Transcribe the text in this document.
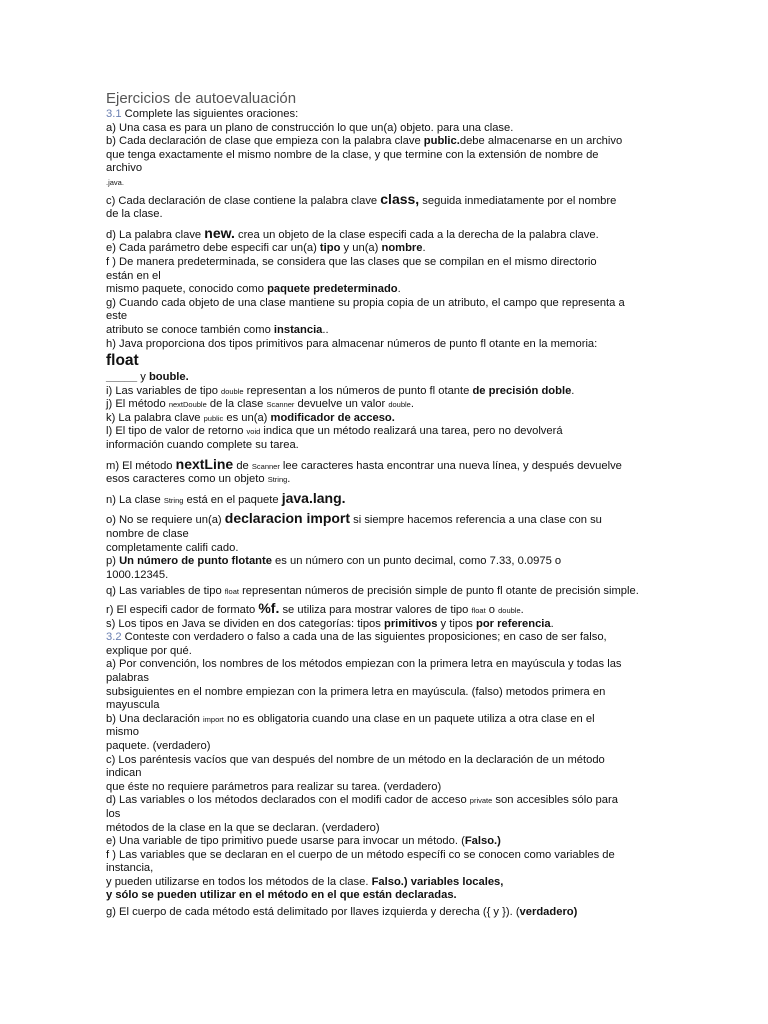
Ejercicios de autoevaluación
3.1 Complete las siguientes oraciones:
a) Una casa es para un plano de construcción lo que un(a) objeto. para una clase.
b) Cada declaración de clase que empieza con la palabra clave public.debe almacenarse en un archivo
que tenga exactamente el mismo nombre de la clase, y que termine con la extensión de nombre de
archivo
.java.
c) Cada declaración de clase contiene la palabra clave class, seguida inmediatamente por el nombre
de la clase.
d) La palabra clave new. crea un objeto de la clase especifi cada a la derecha de la palabra clave.
e) Cada parámetro debe especifi car un(a) tipo y un(a) nombre.
f ) De manera predeterminada, se considera que las clases que se compilan en el mismo directorio
están en el
mismo paquete, conocido como paquete predeterminado.
g) Cuando cada objeto de una clase mantiene su propia copia de un atributo, el campo que representa a
este
atributo se conoce también como instancia..
h) Java proporciona dos tipos primitivos para almacenar números de punto fl otante en la memoria:
float
_____ y bouble.
i) Las variables de tipo double representan a los números de punto fl otante de precisión doble.
j) El método nextDouble de la clase Scanner devuelve un valor double.
k) La palabra clave public es un(a) modificador de acceso.
l) El tipo de valor de retorno void indica que un método realizará una tarea, pero no devolverá
información cuando complete su tarea.
m) El método nextLine de Scanner lee caracteres hasta encontrar una nueva línea, y después devuelve
esos caracteres como un objeto String.
n) La clase String está en el paquete java.lang.
o) No se requiere un(a) declaracion import si siempre hacemos referencia a una clase con su
nombre de clase
completamente califi cado.
p) Un número de punto flotante es un número con un punto decimal, como 7.33, 0.0975 o
1000.12345.
q) Las variables de tipo float representan números de precisión simple de punto fl otante de precisión simple.
r) El especifi cador de formato %f. se utiliza para mostrar valores de tipo float o double.
s) Los tipos en Java se dividen en dos categorías: tipos primitivos y tipos por referencia.
3.2 Conteste con verdadero o falso a cada una de las siguientes proposiciones; en caso de ser falso,
explique por qué.
a) Por convención, los nombres de los métodos empiezan con la primera letra en mayúscula y todas las
palabras
subsiguientes en el nombre empiezan con la primera letra en mayúscula. (falso) metodos primera en
mayuscula
b) Una declaración import no es obligatoria cuando una clase en un paquete utiliza a otra clase en el
mismo
paquete. (verdadero)
c) Los paréntesis vacíos que van después del nombre de un método en la declaración de un método
indican
que éste no requiere parámetros para realizar su tarea. (verdadero)
d) Las variables o los métodos declarados con el modifi cador de acceso private son accesibles sólo para
los
métodos de la clase en la que se declaran. (verdadero)
e) Una variable de tipo primitivo puede usarse para invocar un método. (Falso.)
f ) Las variables que se declaran en el cuerpo de un método específi co se conocen como variables de
instancia,
y pueden utilizarse en todos los métodos de la clase. Falso.) variables locales,
y sólo se pueden utilizar en el método en el que están declaradas.
g) El cuerpo de cada método está delimitado por llaves izquierda y derecha ({ y }). (verdadero)
